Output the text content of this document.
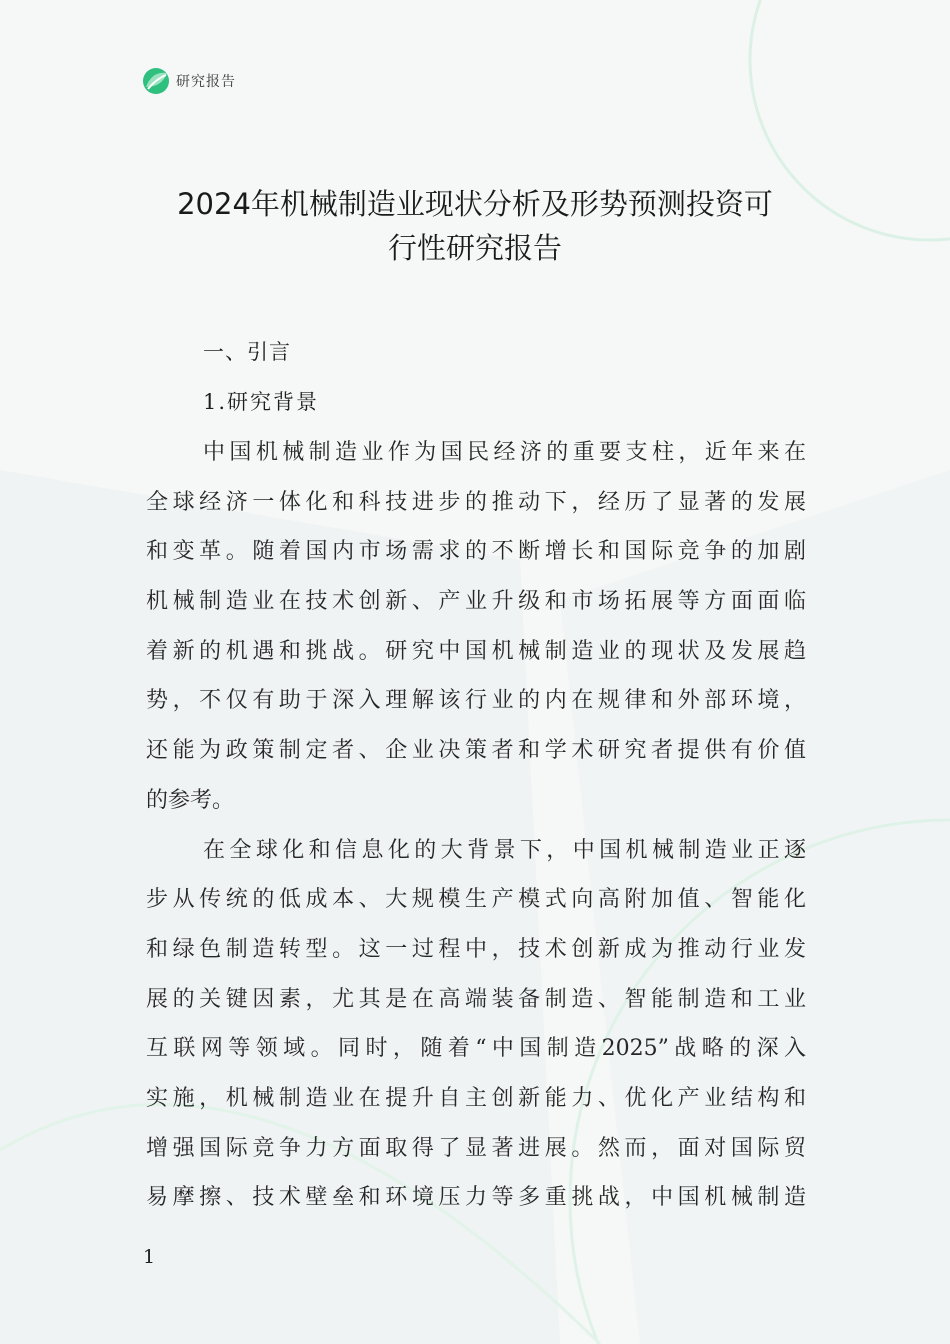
研究报告
2024年机械制造业现状分析及形势预测投资可
行性研究报告
一、引言
1.研究背景
中国机械制造业作为国民经济的重要支柱，近年来在
全球经济一体化和科技进步的推动下，经历了显著的发展
和变革。随着国内市场需求的不断增长和国际竞争的加剧
机械制造业在技术创新、产业升级和市场拓展等方面面临
着新的机遇和挑战。研究中国机械制造业的现状及发展趋
势，不仅有助于深入理解该行业的内在规律和外部环境，
还能为政策制定者、企业决策者和学术研究者提供有价值
的参考。
在全球化和信息化的大背景下，中国机械制造业正逐
步从传统的低成本、大规模生产模式向高附加值、智能化
和绿色制造转型。这一过程中，技术创新成为推动行业发
展的关键因素，尤其是在高端装备制造、智能制造和工业
互联网等领域。同时，随着“中国制造2025”战略的深入
实施，机械制造业在提升自主创新能力、优化产业结构和
增强国际竞争力方面取得了显著进展。然而，面对国际贸
易摩擦、技术壁垒和环境压力等多重挑战，中国机械制造
1
